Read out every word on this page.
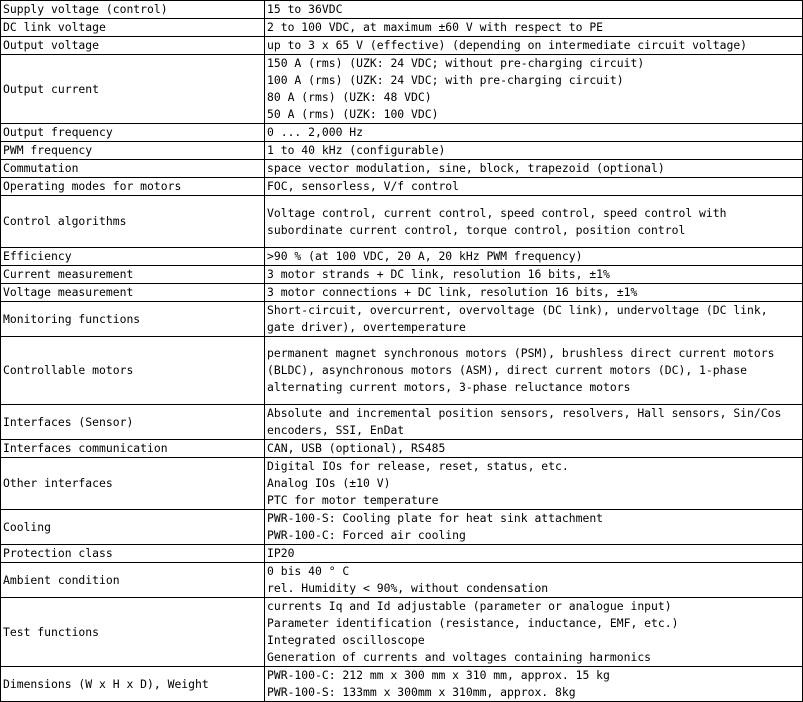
Supply voltage (control)	15 to 36VDC

DC link voltage	2 to 100 VDC, at maximum ±60 V with respect to PE

Output voltage	up to 3 x 65 V (effective) (depending on intermediate circuit voltage)

Output current	150 A (rms) (UZK: 24 VDC; without pre-charging circuit)
100 A (rms) (UZK: 24 VDC; with pre-charging circuit)
80 A (rms) (UZK: 48 VDC)
50 A (rms) (UZK: 100 VDC)

Output frequency	0 ... 2,000 Hz

PWM frequency	1 to 40 kHz (configurable)

Commutation	space vector modulation, sine, block, trapezoid (optional)

Operating modes for motors	FOC, sensorless, V/f control

Control algorithms	Voltage control, current control, speed control, speed control with
subordinate current control, torque control, position control

Efficiency	>90 % (at 100 VDC, 20 A, 20 kHz PWM frequency)

Current measurement	3 motor strands + DC link, resolution 16 bits, ±1%

Voltage measurement	3 motor connections + DC link, resolution 16 bits, ±1%

Monitoring functions	Short-circuit, overcurrent, overvoltage (DC link), undervoltage (DC link,
gate driver), overtemperature

Controllable motors	permanent magnet synchronous motors (PSM), brushless direct current motors
(BLDC), asynchronous motors (ASM), direct current motors (DC), 1-phase
alternating current motors, 3-phase reluctance motors

Interfaces (Sensor)	Absolute and incremental position sensors, resolvers, Hall sensors, Sin/Cos
encoders, SSI, EnDat

Interfaces communication	CAN, USB (optional), RS485

Other interfaces	Digital IOs for release, reset, status, etc.
Analog IOs (±10 V)
PTC for motor temperature

Cooling	PWR-100-S: Cooling plate for heat sink attachment
PWR-100-C: Forced air cooling

Protection class	IP20

Ambient condition	0 bis 40 ° C
rel. Humidity < 90%, without condensation

Test functions	currents Iq and Id adjustable (parameter or analogue input)
Parameter identification (resistance, inductance, EMF, etc.)
Integrated oscilloscope
Generation of currents and voltages containing harmonics

Dimensions (W x H x D), Weight	PWR-100-C: 212 mm x 300 mm x 310 mm, approx. 15 kg
PWR-100-S: 133mm x 300mm x 310mm, approx. 8kg
